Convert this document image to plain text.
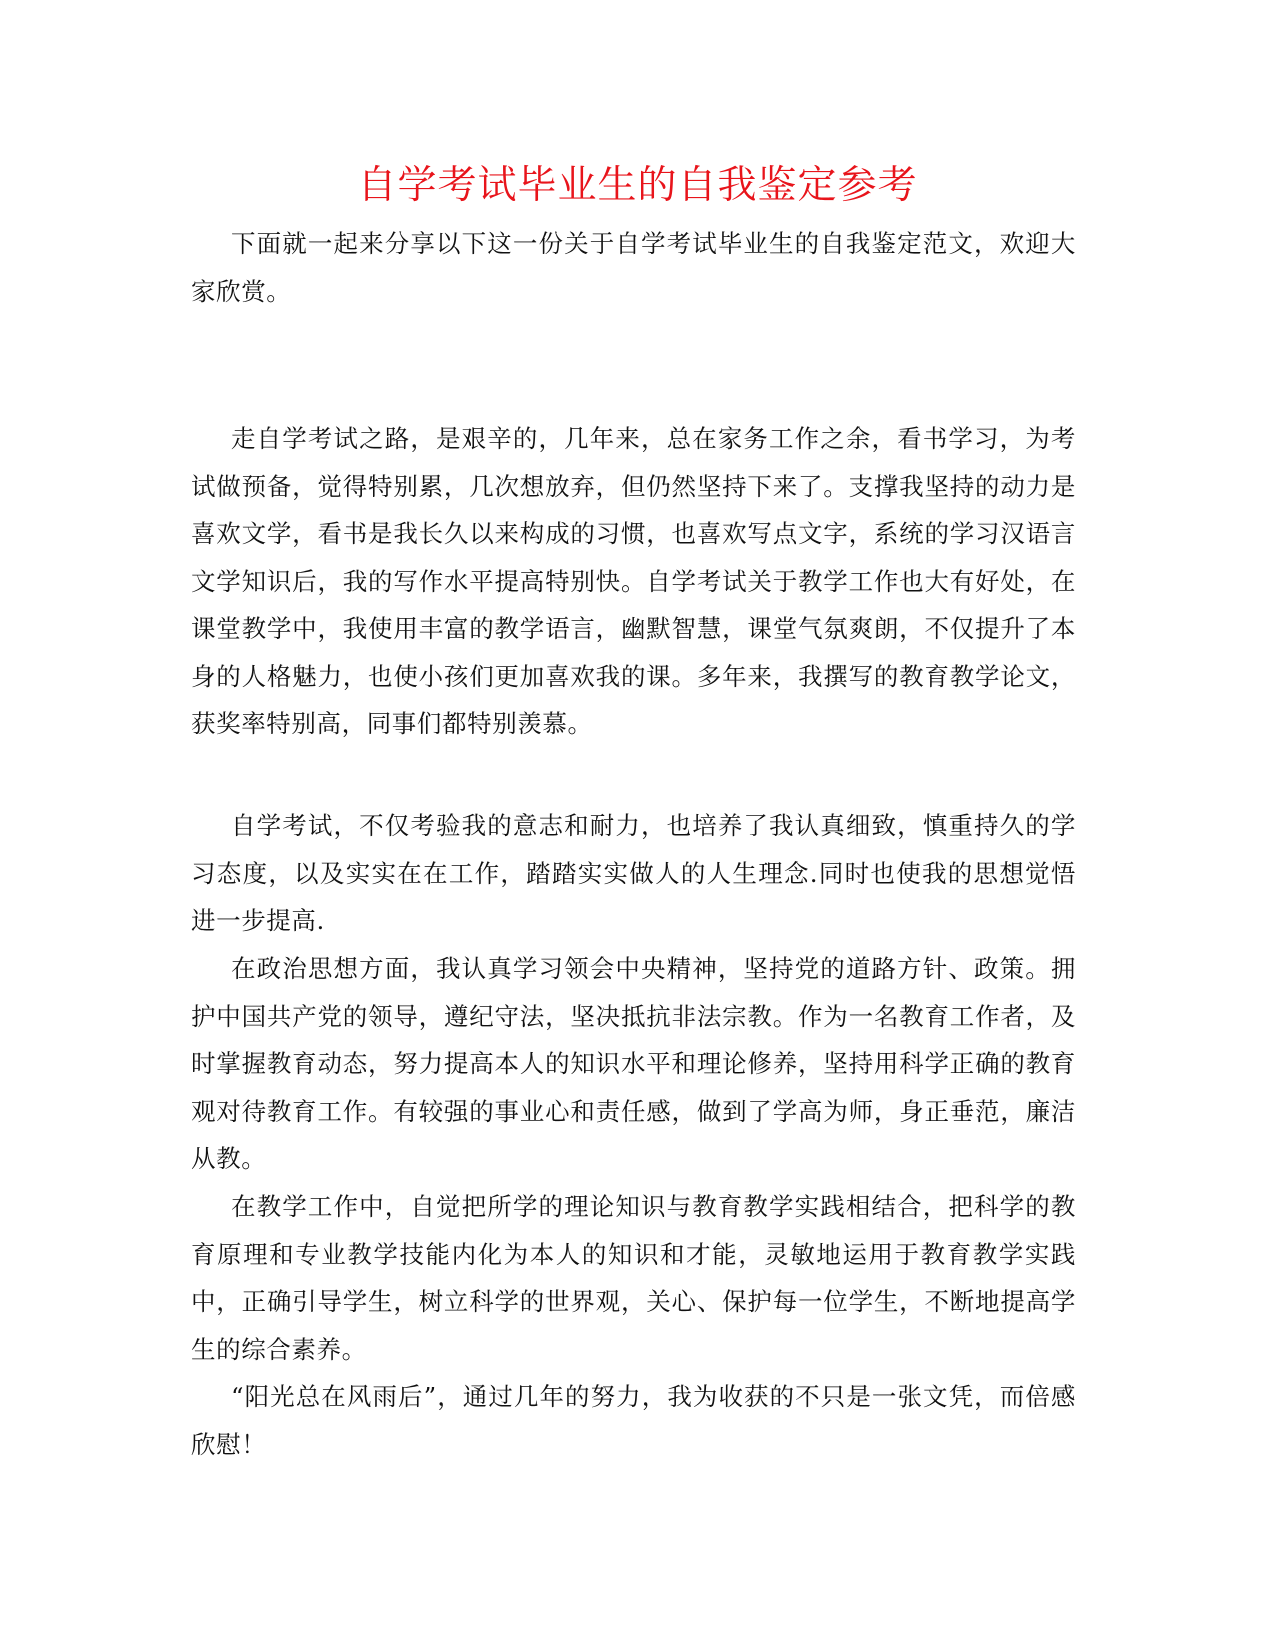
自学考试毕业生的自我鉴定参考

下面就一起来分享以下这一份关于自学考试毕业生的自我鉴定范文，欢迎大家欣赏。

走自学考试之路，是艰辛的，几年来，总在家务工作之余，看书学习，为考试做预备，觉得特别累，几次想放弃，但仍然坚持下来了。支撑我坚持的动力是喜欢文学，看书是我长久以来构成的习惯，也喜欢写点文字，系统的学习汉语言文学知识后，我的写作水平提高特别快。自学考试关于教学工作也大有好处，在课堂教学中，我使用丰富的教学语言，幽默智慧，课堂气氛爽朗，不仅提升了本身的人格魅力，也使小孩们更加喜欢我的课。多年来，我撰写的教育教学论文，获奖率特别高，同事们都特别羡慕。

自学考试，不仅考验我的意志和耐力，也培养了我认真细致，慎重持久的学习态度，以及实实在在工作，踏踏实实做人的人生理念.同时也使我的思想觉悟进一步提高.

在政治思想方面，我认真学习领会中央精神，坚持党的道路方针、政策。拥护中国共产党的领导，遵纪守法，坚决抵抗非法宗教。作为一名教育工作者，及时掌握教育动态，努力提高本人的知识水平和理论修养，坚持用科学正确的教育观对待教育工作。有较强的事业心和责任感，做到了学高为师，身正垂范，廉洁从教。

在教学工作中，自觉把所学的理论知识与教育教学实践相结合，把科学的教育原理和专业教学技能内化为本人的知识和才能，灵敏地运用于教育教学实践中，正确引导学生，树立科学的世界观，关心、保护每一位学生，不断地提高学生的综合素养。

“阳光总在风雨后”，通过几年的努力，我为收获的不只是一张文凭，而倍感欣慰！
